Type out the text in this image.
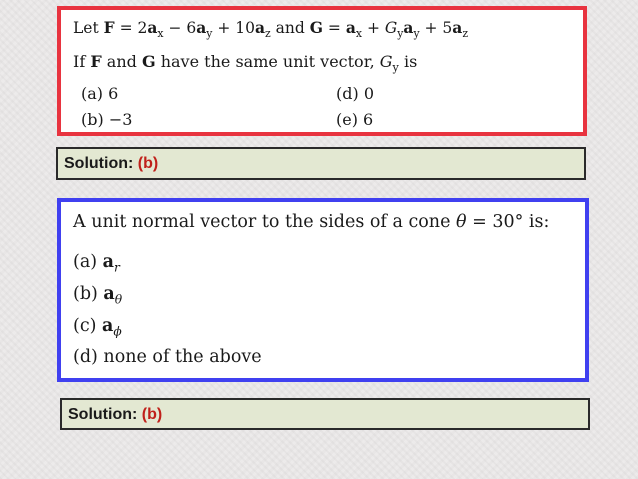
Let $F = 2a_x - 6a_y + 10a_z$ and $G = a_x + G_ya_y + 5a_z$
If F and G have the same unit vector, $G_y$ is
(a) 6	(d) 0
(b) −3	(e) 6
Solution: (b)
A unit normal vector to the sides of a cone θ = 30° is:
(a) $a_r$
(b) $a_\theta$
(c) $a_\phi$
(d) none of the above
Solution: (b)
